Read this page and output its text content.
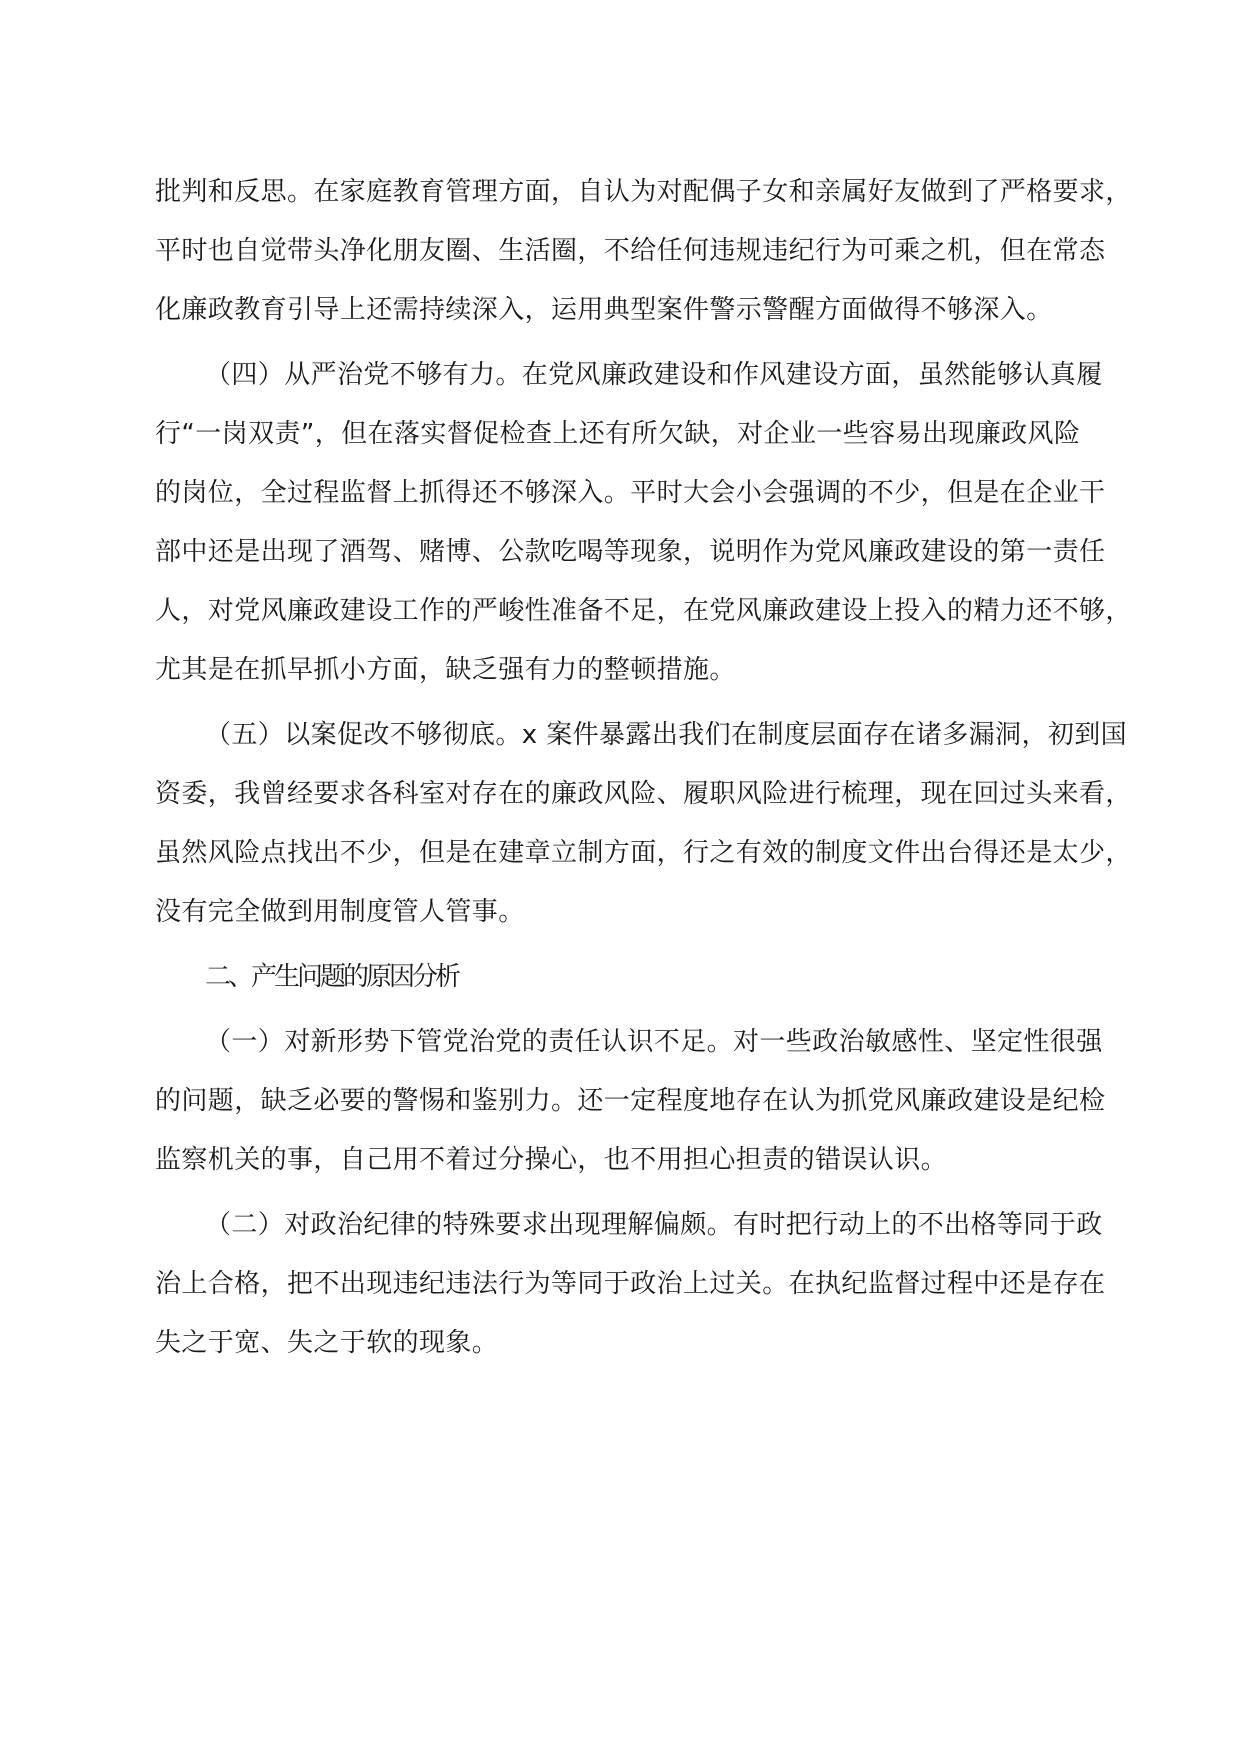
批判和反思。在家庭教育管理方面，自认为对配偶子女和亲属好友做到了严格要求，
平时也自觉带头净化朋友圈、生活圈，不给任何违规违纪行为可乘之机，但在常态
化廉政教育引导上还需持续深入，运用典型案件警示警醒方面做得不够深入。
（四）从严治党不够有力。在党风廉政建设和作风建设方面，虽然能够认真履
行“一岗双责”，但在落实督促检查上还有所欠缺，对企业一些容易出现廉政风险
的岗位，全过程监督上抓得还不够深入。平时大会小会强调的不少，但是在企业干
部中还是出现了酒驾、赌博、公款吃喝等现象，说明作为党风廉政建设的第一责任
人，对党风廉政建设工作的严峻性准备不足，在党风廉政建设上投入的精力还不够，
尤其是在抓早抓小方面，缺乏强有力的整顿措施。
（五）以案促改不够彻底。x 案件暴露出我们在制度层面存在诸多漏洞，初到国
资委，我曾经要求各科室对存在的廉政风险、履职风险进行梳理，现在回过头来看，
虽然风险点找出不少，但是在建章立制方面，行之有效的制度文件出台得还是太少，
没有完全做到用制度管人管事。
二、产生问题的原因分析
（一）对新形势下管党治党的责任认识不足。对一些政治敏感性、坚定性很强
的问题，缺乏必要的警惕和鉴别力。还一定程度地存在认为抓党风廉政建设是纪检
监察机关的事，自己用不着过分操心，也不用担心担责的错误认识。
（二）对政治纪律的特殊要求出现理解偏颇。有时把行动上的不出格等同于政
治上合格，把不出现违纪违法行为等同于政治上过关。在执纪监督过程中还是存在
失之于宽、失之于软的现象。
